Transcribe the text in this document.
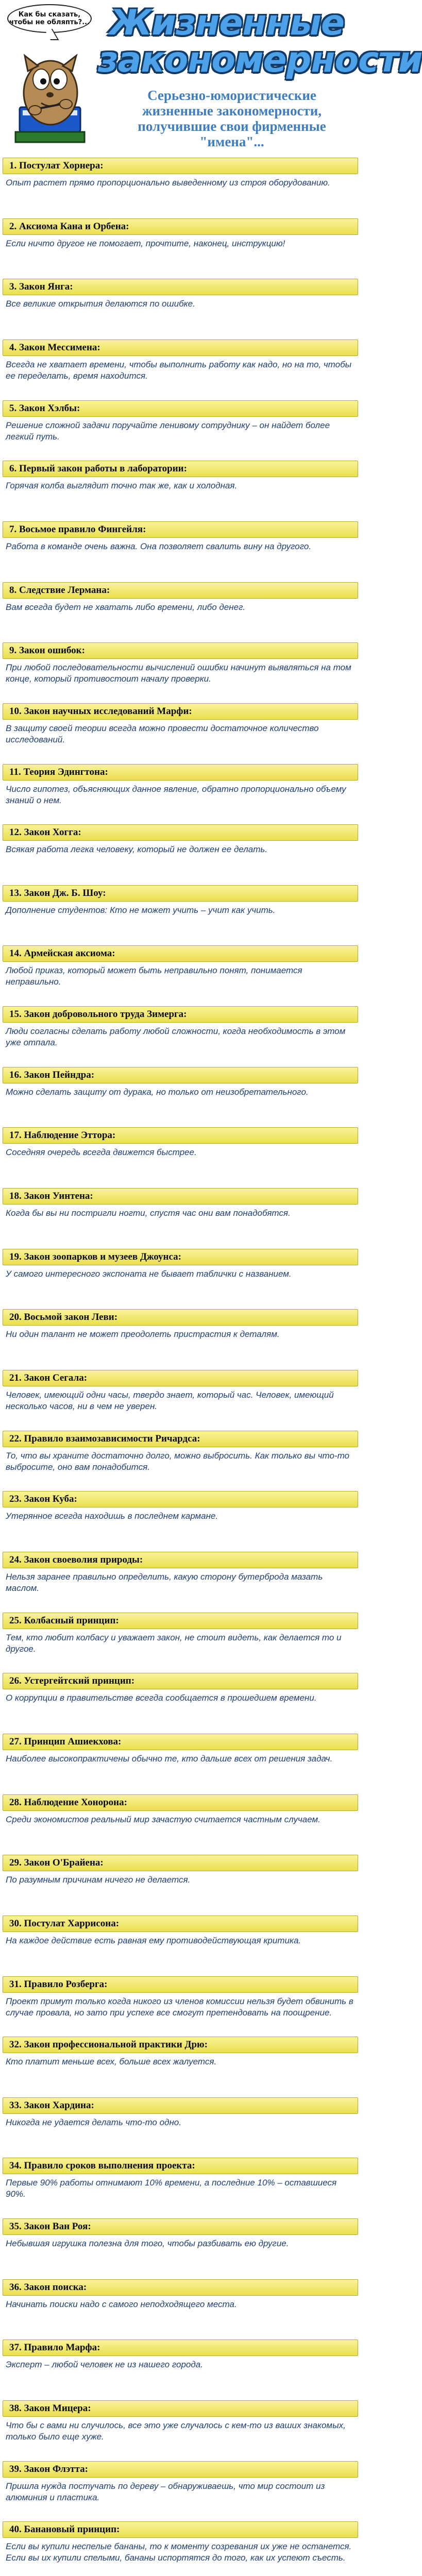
Как бы сказать, чтобы не обляпть?... Жизненные
закономерности
Серьезно-юмористические жизненные закономерности, получившие свои фирменные "имена"...
1. Постулат Хорнера:
Опыт растет прямо пропорционально выведенному из строя оборудованию.
2. Аксиома Кана и Орбена:
Если ничто другое не помогает, прочтите, наконец, инструкцию!
3. Закон Янга:
Все великие открытия делаются по ошибке.
4. Закон Мессимена:
Всегда не хватает времени, чтобы выполнить работу как надо, но на то, чтобы ее переделать, время находится.
5. Закон Хэлбы:
Решение сложной задачи поручайте ленивому сотруднику – он найдет более легкий путь.
6. Первый закон работы в лаборатории:
Горячая колба выглядит точно так же, как и холодная.
7. Восьмое правило Фингейля:
Работа в команде очень важна. Она позволяет свалить вину на другого.
8. Следствие Лермана:
Вам всегда будет не хватать либо времени, либо денег.
9. Закон ошибок:
При любой последовательности вычислений ошибки начинут выявляться на том конце, который противостоит началу проверки.
10. Закон научных исследований Марфи:
В защиту своей теории всегда можно провести достаточное количество исследований.
11. Теория Эдингтона:
Число гипотез, объясняющих данное явление, обратно пропорционально объему знаний о нем.
12. Закон Хогга:
Всякая работа легка человеку, который не должен ее делать.
13. Закон Дж. Б. Шоу:
Дополнение студентов: Кто не может учить – учит как учить.
14. Армейская аксиома:
Любой приказ, который может быть неправильно понят, понимается неправильно.
15. Закон добровольного труда Зимерга:
Люди согласны сделать работу любой сложности, когда необходимость в этом уже отпала.
16. Закон Пейндра:
Можно сделать защиту от дурака, но только от неизобретательного.
17. Наблюдение Эттора:
Соседняя очередь всегда движется быстрее.
18. Закон Уинтена:
Когда бы вы ни постригли ногти, спустя час они вам понадобятся.
19. Закон зоопарков и музеев Джоунса:
У самого интересного экспоната не бывает таблички с названием.
20. Восьмой закон Леви:
Ни один талант не может преодолеть пристрастия к деталям.
21. Закон Сегала:
Человек, имеющий одни часы, твердо знает, который час. Человек, имеющий несколько часов, ни в чем не уверен.
22. Правило взаимозависимости Ричардса:
То, что вы храните достаточно долго, можно выбросить. Как только вы что-то выбросите, оно вам понадобится.
23. Закон Куба:
Утерянное всегда находишь в последнем кармане.
24. Закон своеволия природы:
Нельзя заранее правильно определить, какую сторону бутерброда мазать маслом.
25. Колбасный принцип:
Тем, кто любит колбасу и уважает закон, не стоит видеть, как делается то и другое.
26. Устергейтский принцип:
О коррупции в правительстве всегда сообщается в прошедшем времени.
27. Принцип Ашиекхова:
Наиболее высокопрактичены обычно те, кто дальше всех от решения задач.
28. Наблюдение Хонорона:
Среди экономистов реальный мир зачастую считается частным случаем.
29. Закон О'Брайена:
По разумным причинам ничего не делается.
30. Постулат Харрисона:
На каждое действие есть равная ему противодействующая критика.
31. Правило Розберга:
Проект примут только когда никого из членов комиссии нельзя будет обвинить в случае провала, но зато при успехе все смогут претендовать на поощрение.
32. Закон профессиональной практики Дрю:
Кто платит меньше всех, больше всех жалуется.
33. Закон Хардина:
Никогда не удается делать что-то одно.
34. Правило сроков выполнения проекта:
Первые 90% работы отнимают 10% времени, а последние 10% – оставшиеся 90%.
35. Закон Ван Роя:
Небывшая игрушка полезна для того, чтобы разбивать ею другие.
36. Закон поиска:
Начинать поиски надо с самого неподходящего места.
37. Правило Марфа:
Эксперт – любой человек не из нашего города.
38. Закон Мицера:
Что бы с вами ни случилось, все это уже случалось с кем-то из ваших знакомых, только было еще хуже.
39. Закон Флэтта:
Пришла нужда постучать по дереву – обнаруживаешь, что мир состоит из алюминия и пластика.
40. Банановый принцип:
Если вы купили неспелые бананы, то к моменту созревания их уже не останется. Если вы их купили спелыми, бананы испортятся до того, как их успеют съесть.
